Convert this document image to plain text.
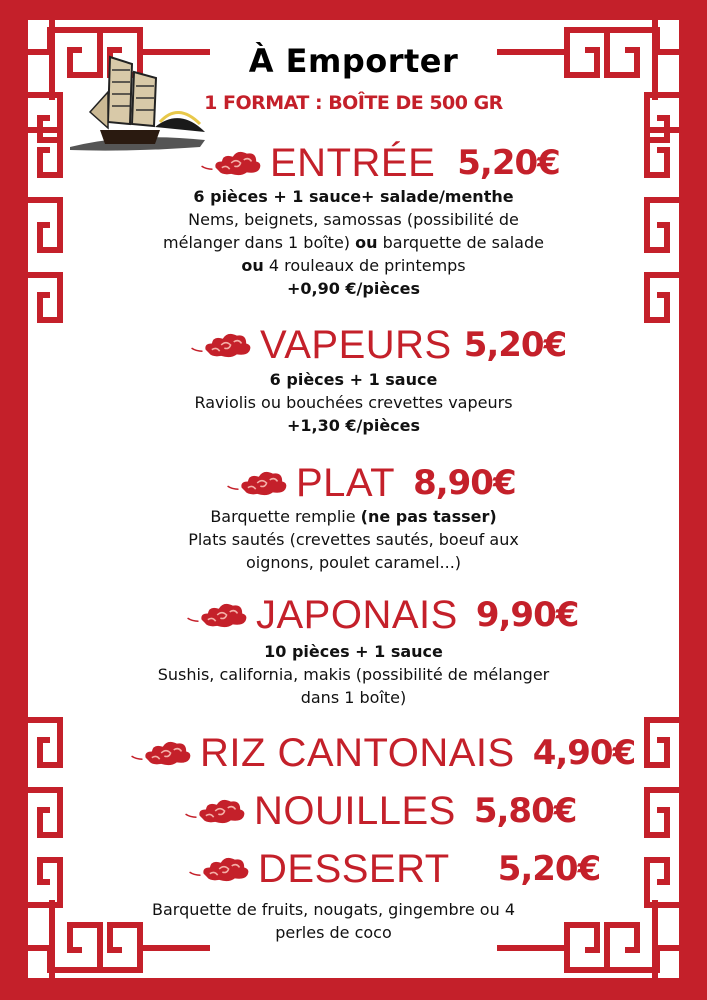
À Emporter
1 FORMAT : BOÎTE DE 500 GR
ENTRÉE 5,20€
6 pièces + 1 sauce+ salade/menthe
Nems, beignets, samossas (possibilité de
mélanger dans 1 boîte) ou barquette de salade
ou 4 rouleaux de printemps
+0,90 €/pièces
VAPEURS 5,20€
6 pièces + 1 sauce
Raviolis ou bouchées crevettes vapeurs
+1,30 €/pièces
PLAT 8,90€
Barquette remplie (ne pas tasser)
Plats sautés (crevettes sautés, boeuf aux
oignons, poulet caramel...)
JAPONAIS 9,90€
10 pièces + 1 sauce
Sushis, california, makis (possibilité de mélanger
dans 1 boîte)
RIZ CANTONAIS 4,90€
NOUILLES 5,80€
DESSERT 5,20€
Barquette de fruits, nougats, gingembre ou 4
perles de coco
